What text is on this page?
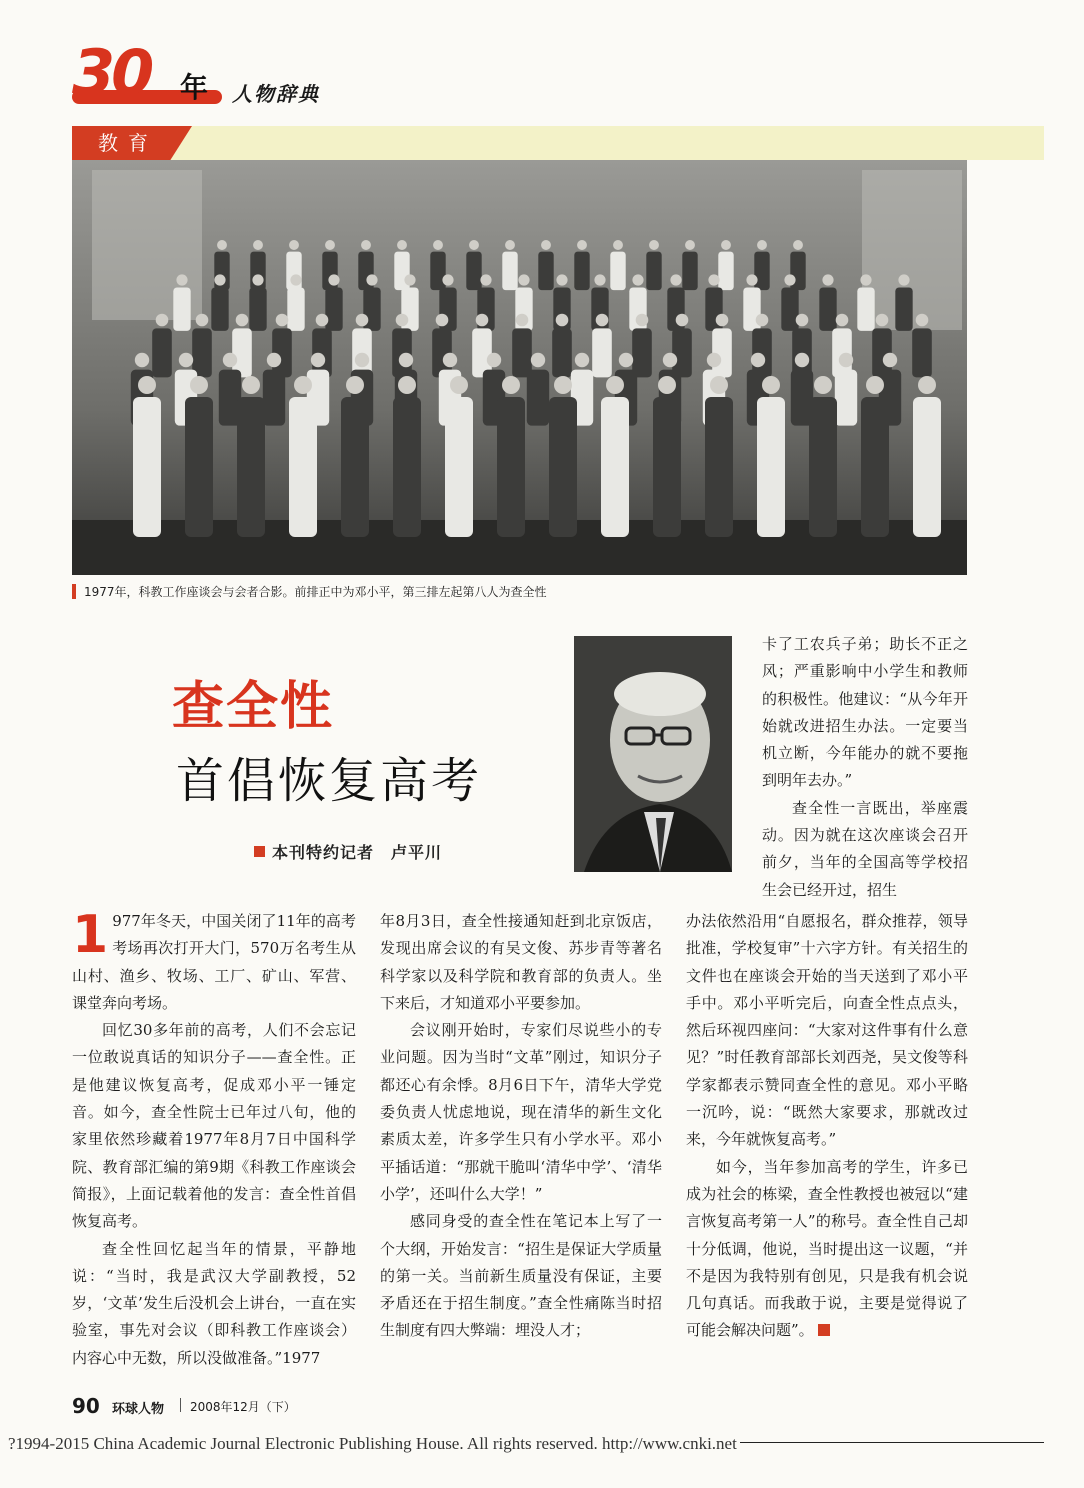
30 年 人物辞典
教育
1977年，科教工作座谈会与会者合影。前排正中为邓小平，第三排左起第八人为查全性
查全性
首倡恢复高考
本刊特约记者　卢平川

卡了工农兵子弟；助长不正之风；严重影响中小学生和教师的积极性。他建议：“从今年开始就改进招生办法。一定要当机立断，今年能办的就不要拖到明年去办。”

查全性一言既出，举座震动。因为就在这次座谈会召开前夕，当年的全国高等学校招生会已经开过，招生

1 977年冬天，中国关闭了11年的高考考场再次打开大门，570万名考生从山村、渔乡、牧场、工厂、矿山、军营、课堂奔向考场。

回忆30多年前的高考，人们不会忘记一位敢说真话的知识分子——查全性。正是他建议恢复高考，促成邓小平一锤定音。如今，查全性院士已年过八旬，他的家里依然珍藏着1977年8月7日中国科学院、教育部汇编的第9期《科教工作座谈会简报》，上面记载着他的发言：查全性首倡恢复高考。

查全性回忆起当年的情景，平静地说：“当时，我是武汉大学副教授，52岁，‘文革’发生后没机会上讲台，一直在实验室，事先对会议（即科教工作座谈会）内容心中无数，所以没做准备。”1977

年8月3日，查全性接通知赶到北京饭店，发现出席会议的有吴文俊、苏步青等著名科学家以及科学院和教育部的负责人。坐下来后，才知道邓小平要参加。

会议刚开始时，专家们尽说些小的专业问题。因为当时“文革”刚过，知识分子都还心有余悸。8月6日下午，清华大学党委负责人忧虑地说，现在清华的新生文化素质太差，许多学生只有小学水平。邓小平插话道：“那就干脆叫‘清华中学’、‘清华小学’，还叫什么大学！”

感同身受的查全性在笔记本上写了一个大纲，开始发言：“招生是保证大学质量的第一关。当前新生质量没有保证，主要矛盾还在于招生制度。”查全性痛陈当时招生制度有四大弊端：埋没人才；

办法依然沿用“自愿报名，群众推荐，领导批准，学校复审”十六字方针。有关招生的文件也在座谈会开始的当天送到了邓小平手中。邓小平听完后，向查全性点点头，然后环视四座问：“大家对这件事有什么意见？”时任教育部部长刘西尧，吴文俊等科学家都表示赞同查全性的意见。邓小平略一沉吟，说：“既然大家要求，那就改过来，今年就恢复高考。”

如今，当年参加高考的学生，许多已成为社会的栋梁，查全性教授也被冠以“建言恢复高考第一人”的称号。查全性自己却十分低调，他说，当时提出这一议题，“并不是因为我特别有创见，只是我有机会说几句真话。而我敢于说，主要是觉得说了可能会解决问题”。

90 环球人物 2008年12月（下）
?1994-2015 China Academic Journal Electronic Publishing House. All rights reserved. http://www.cnki.net
